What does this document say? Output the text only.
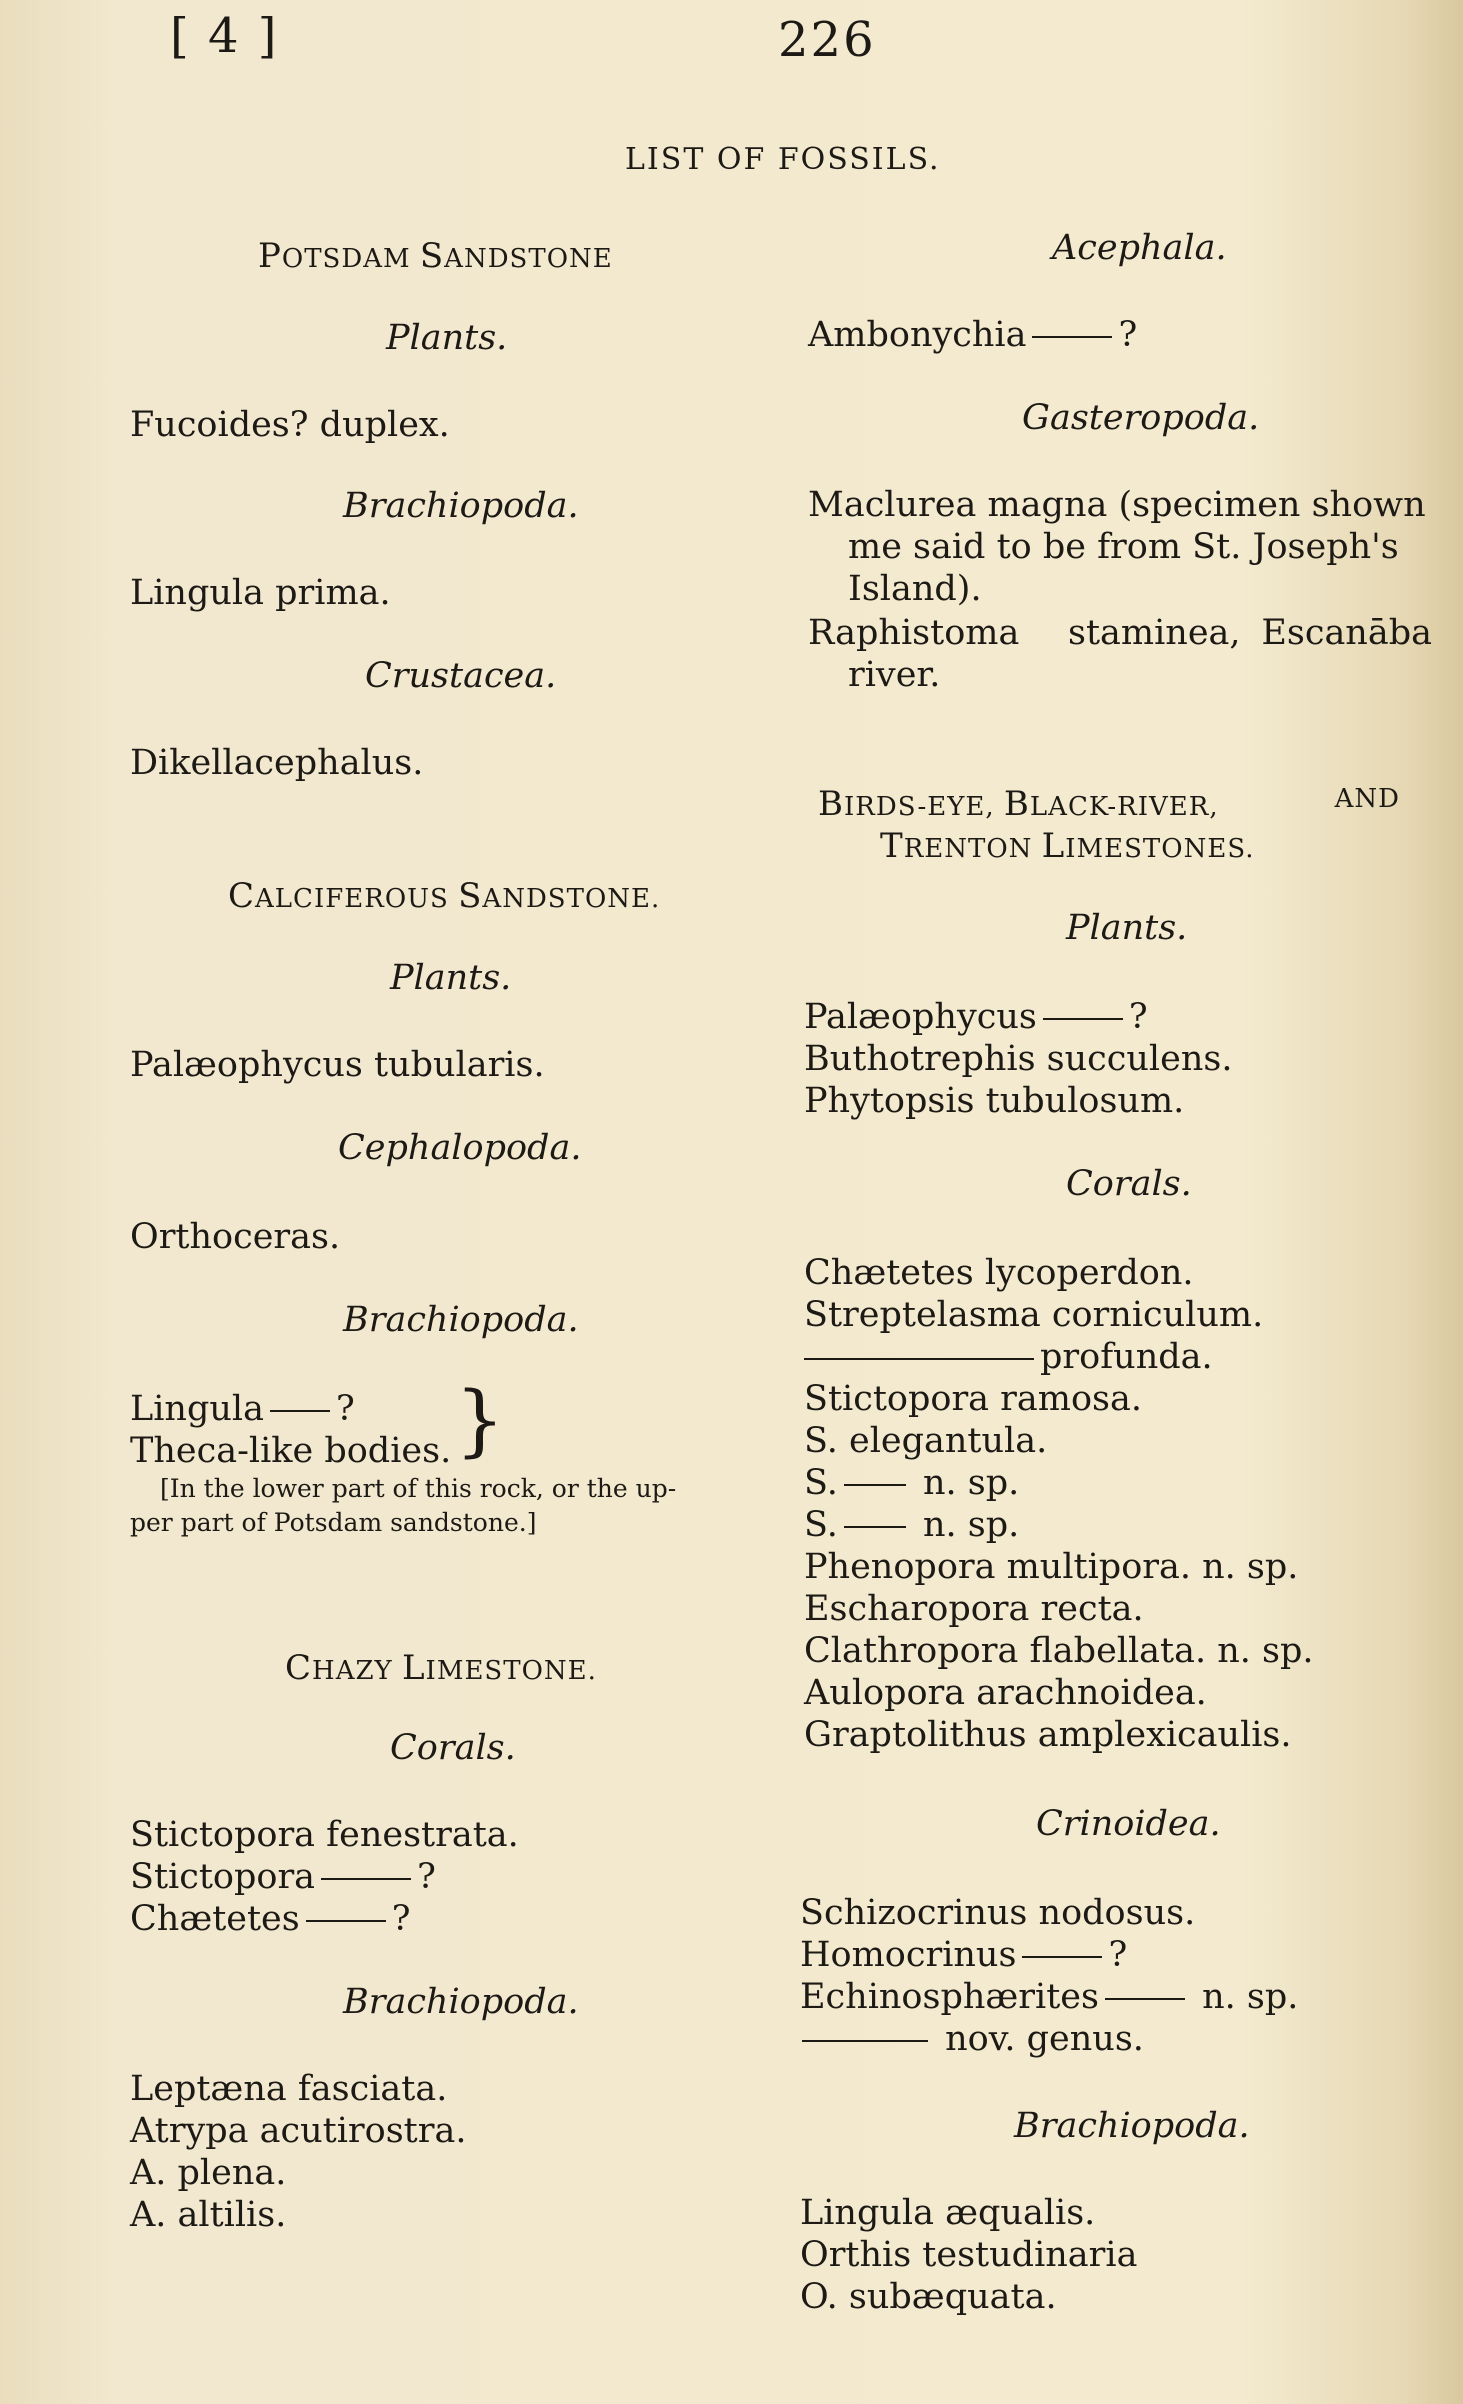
[ 4 ]	226
LIST OF FOSSILS.
POTSDAM SANDSTONE
Plants.
Fucoides? duplex.
Brachiopoda.
Lingula prima.
Crustacea.
Dikellacephalus.
CALCIFEROUS SANDSTONE.
Plants.
Palæophycus tubularis.
Cephalopoda.
Orthoceras.
Brachiopoda.
Lingula ?
Theca-like bodies. }
[In the lower part of this rock, or the up-
per part of Potsdam sandstone.]
CHAZY LIMESTONE.
Corals.
Stictopora fenestrata.
Stictopora	?
Chætetes	?
Brachiopoda.
Leptæna fasciata.
Atrypa acutirostra.
A. plena.
A. altilis.
Acephala.
Ambonychia	?
Gasteropoda.
Maclurea magna (specimen shown
me said to be from St. Joseph's
Island).
Raphistoma staminea, Escanāba
river.
BIRDS-EYE, BLACK-RIVER,	AND
TRENTON LIMESTONES.
Plants.
Palæophycus	?
Buthotrephis succulens.
Phytopsis tubulosum.
Corals.
Chætetes lycoperdon.
Streptelasma corniculum.
profunda.
Stictopora ramosa.
S. elegantula.
S. n. sp.
S. n. sp.
Phenopora multipora. n. sp.
Escharopora recta.
Clathropora flabellata. n. sp.
Aulopora arachnoidea.
Graptolithus amplexicaulis.
Crinoidea.
Schizocrinus nodosus.
Homocrinus	?
Echinosphærites	n. sp.
nov. genus.
Brachiopoda.
Lingula æqualis.
Orthis testudinaria
O. subæquata.
